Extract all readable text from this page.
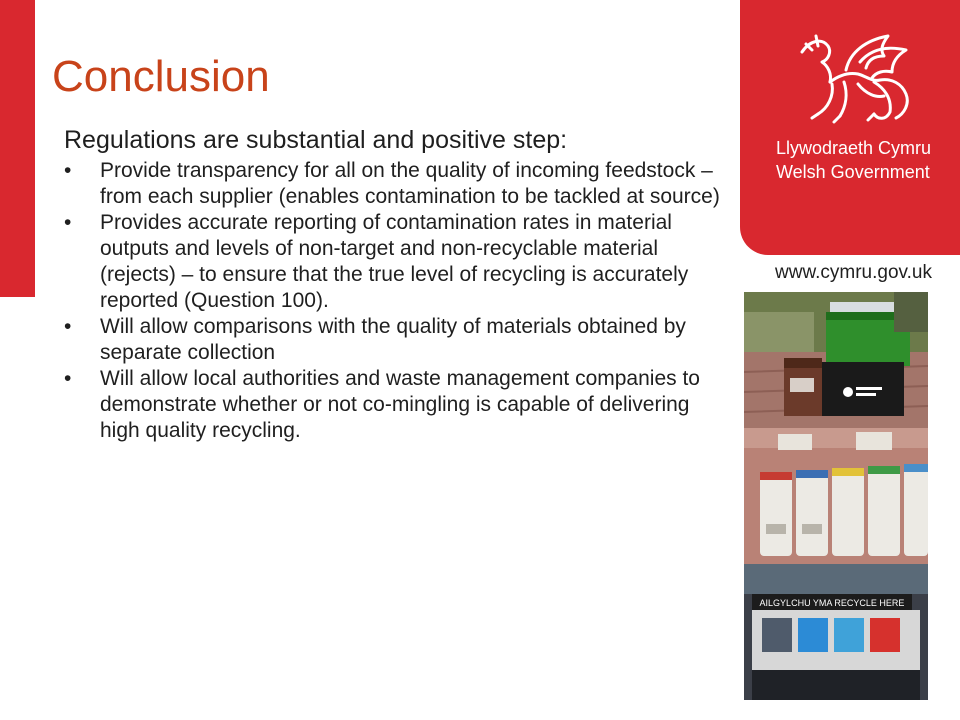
Conclusion

Regulations are substantial and positive step:

•	Provide transparency for all on the quality of incoming feedstock – from each supplier (enables contamination to be tackled at source)
•	Provides accurate reporting of contamination rates in material outputs and levels of non-target and non-recyclable material (rejects) – to ensure that the true level of recycling is accurately reported (Question 100).
•	Will allow comparisons with the quality of materials obtained by separate collection
•	Will allow local authorities and waste management companies to demonstrate whether or not co-mingling is capable of delivering high quality recycling.
Llywodraeth Cymru
Welsh Government
www.cymru.gov.uk
AILGYLCHU YMA RECYCLE HERE
